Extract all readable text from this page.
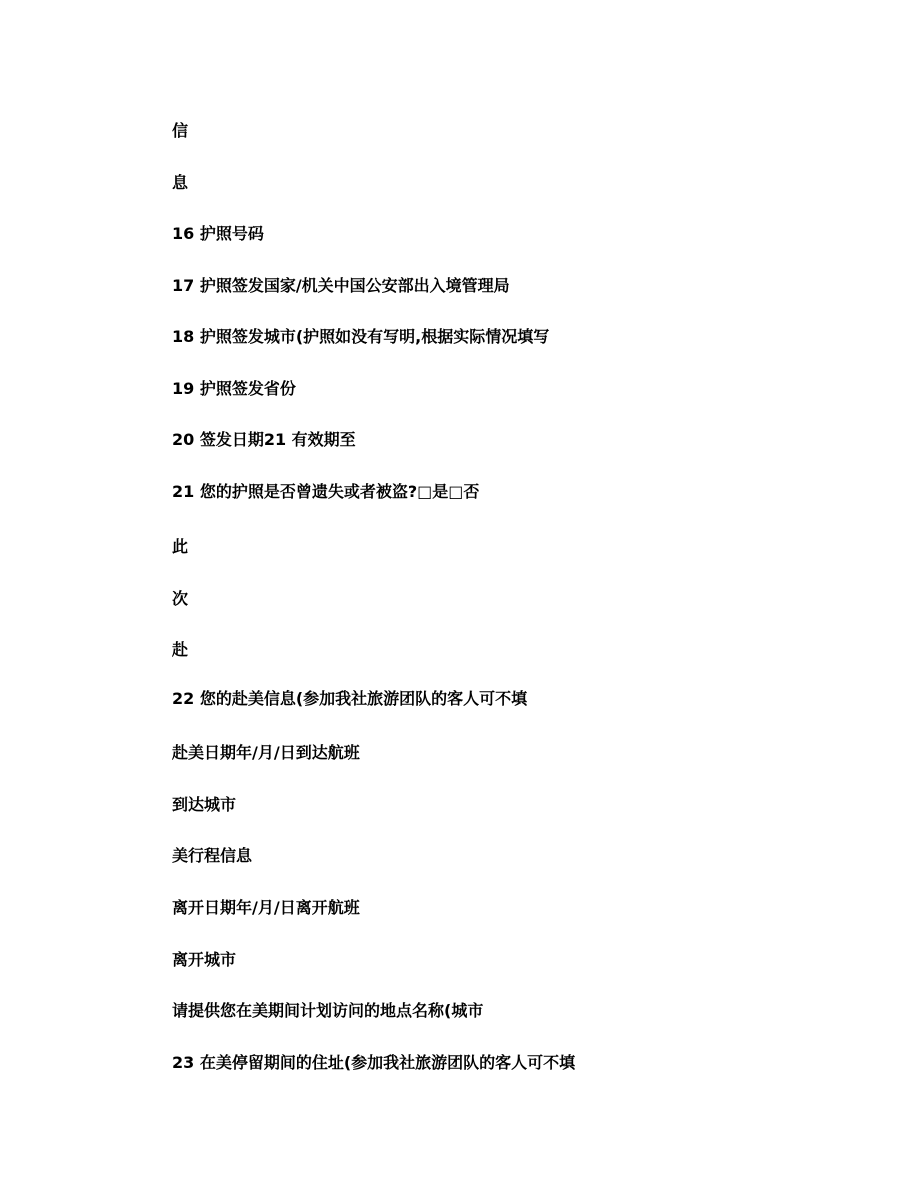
信
息
16 护照号码
17 护照签发国家/机关中国公安部出入境管理局
18 护照签发城市(护照如没有写明,根据实际情况填写
19 护照签发省份
20 签发日期21 有效期至
21 您的护照是否曾遗失或者被盗?□是□否
此
次
赴
22 您的赴美信息(参加我社旅游团队的客人可不填
赴美日期年/月/日到达航班
到达城市
美行程信息
离开日期年/月/日离开航班
离开城市
请提供您在美期间计划访问的地点名称(城市
23 在美停留期间的住址(参加我社旅游团队的客人可不填
